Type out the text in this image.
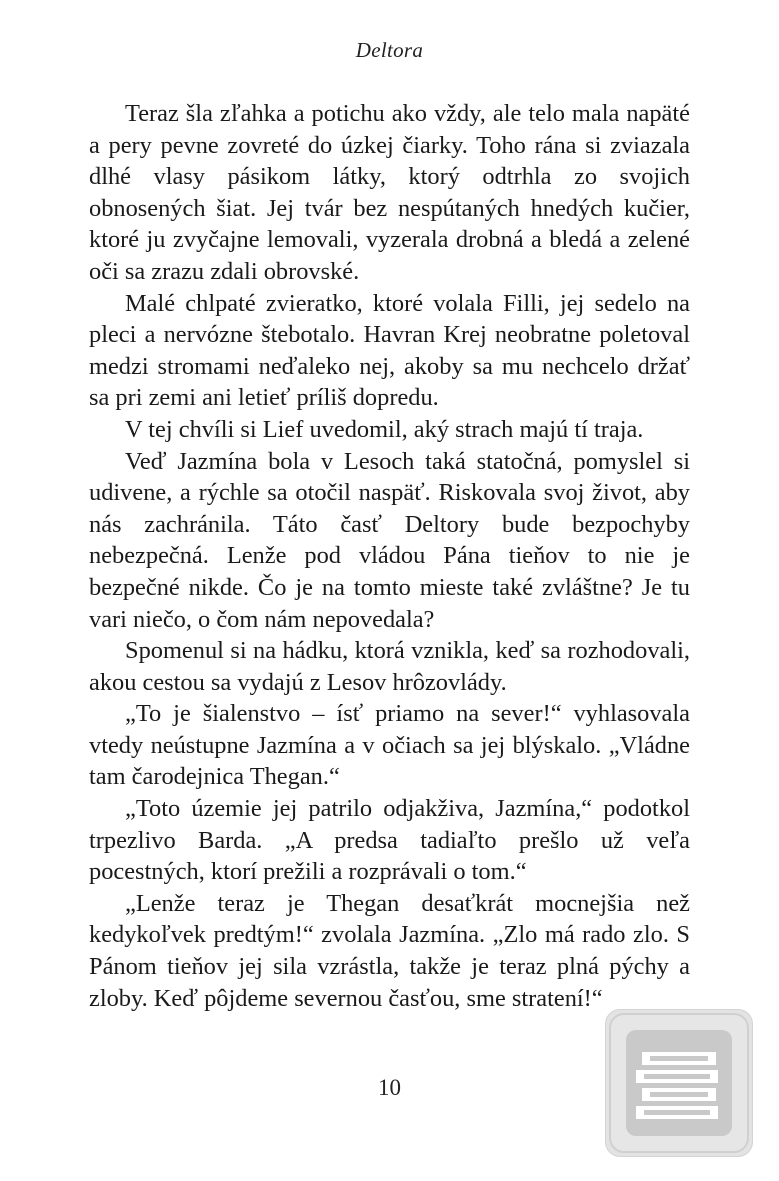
Deltora

Teraz šla zľahka a potichu ako vždy, ale telo mala napäté a pery pevne zovreté do úzkej čiarky. Toho rána si zviazala dlhé vlasy pásikom látky, ktorý odtrhla zo svojich obnosených šiat. Jej tvár bez nespútaných hnedých kučier, ktoré ju zvyčajne lemovali, vyzerala drobná a bledá a zelené oči sa zrazu zdali obrovské.

Malé chlpaté zvieratko, ktoré volala Filli, jej sedelo na pleci a nervózne štebotalo. Havran Krej neobratne poletoval medzi stromami neďaleko nej, akoby sa mu nechcelo držať sa pri zemi ani letieť príliš dopredu.

V tej chvíli si Lief uvedomil, aký strach majú tí traja.

Veď Jazmína bola v Lesoch taká statočná, pomyslel si udivene, a rýchle sa otočil naspäť. Riskovala svoj život, aby nás zachránila. Táto časť Deltory bude bezpochyby nebezpečná. Lenže pod vládou Pána tieňov to nie je bezpečné nikde. Čo je na tomto mieste také zvláštne? Je tu vari niečo, o čom nám nepovedala?

Spomenul si na hádku, ktorá vznikla, keď sa rozhodovali, akou cestou sa vydajú z Lesov hrôzovlády.

„To je šialenstvo – ísť priamo na sever!“ vyhlasovala vtedy neústupne Jazmína a v očiach sa jej blýskalo. „Vládne tam čarodejnica Thegan.“

„Toto územie jej patrilo odjakživa, Jazmína,“ podotkol trpezlivo Barda. „A predsa tadiaľto prešlo už veľa pocestných, ktorí prežili a rozprávali o tom.“

„Lenže teraz je Thegan desaťkrát mocnejšia než kedykoľvek predtým!“ zvolala Jazmína. „Zlo má rado zlo. S Pánom tieňov jej sila vzrástla, takže je teraz plná pýchy a zloby. Keď pôjdeme severnou časťou, sme stratení!“

10
